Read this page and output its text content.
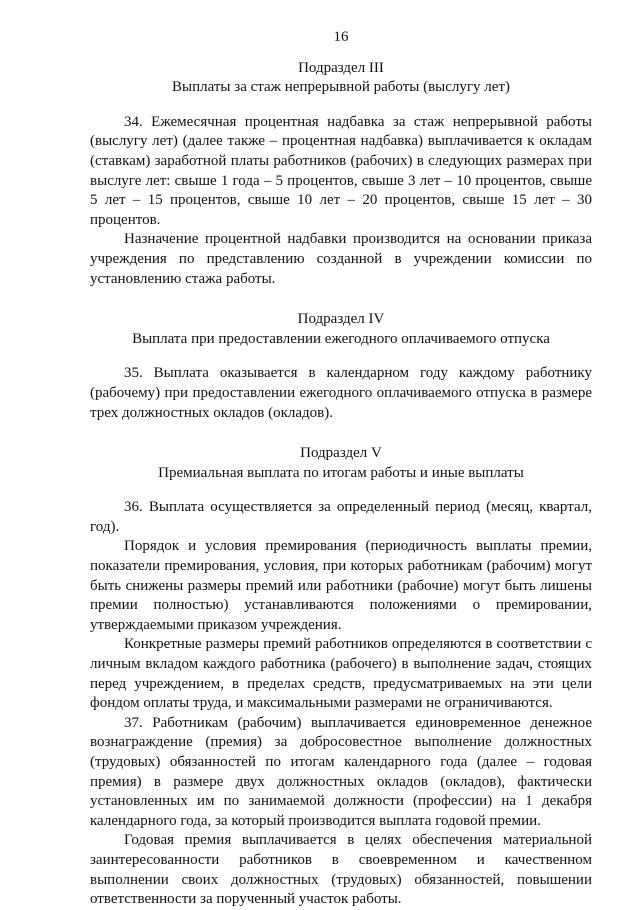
16

Подраздел III

Выплаты за стаж непрерывной работы (выслугу лет)

34. Ежемесячная процентная надбавка за стаж непрерывной работы (выслугу лет) (далее также – процентная надбавка) выплачивается к окладам (ставкам) заработной платы работников (рабочих) в следующих размерах при выслуге лет: свыше 1 года – 5 процентов, свыше 3 лет – 10 процентов, свыше 5 лет – 15 процентов, свыше 10 лет – 20 процентов, свыше 15 лет – 30 процентов.

Назначение процентной надбавки производится на основании приказа учреждения по представлению созданной в учреждении комиссии по установлению стажа работы.

Подраздел IV

Выплата при предоставлении ежегодного оплачиваемого отпуска

35. Выплата оказывается в календарном году каждому работнику (рабочему) при предоставлении ежегодного оплачиваемого отпуска в размере трех должностных окладов (окладов).

Подраздел V

Премиальная выплата по итогам работы и иные выплаты

36. Выплата осуществляется за определенный период (месяц, квартал, год).

Порядок и условия премирования (периодичность выплаты премии, показатели премирования, условия, при которых работникам (рабочим) могут быть снижены размеры премий или работники (рабочие) могут быть лишены премии полностью) устанавливаются положениями о премировании, утверждаемыми приказом учреждения.

Конкретные размеры премий работников определяются в соответствии с личным вкладом каждого работника (рабочего) в выполнение задач, стоящих перед учреждением, в пределах средств, предусматриваемых на эти цели фондом оплаты труда, и максимальными размерами не ограничиваются.

37. Работникам (рабочим) выплачивается единовременное денежное вознаграждение (премия) за добросовестное выполнение должностных (трудовых) обязанностей по итогам календарного года (далее – годовая премия) в размере двух должностных окладов (окладов), фактически установленных им по занимаемой должности (профессии) на 1 декабря календарного года, за который производится выплата годовой премии.

Годовая премия выплачивается в целях обеспечения материальной заинтересованности работников в своевременном и качественном выполнении своих должностных (трудовых) обязанностей, повышении ответственности за порученный участок работы.
